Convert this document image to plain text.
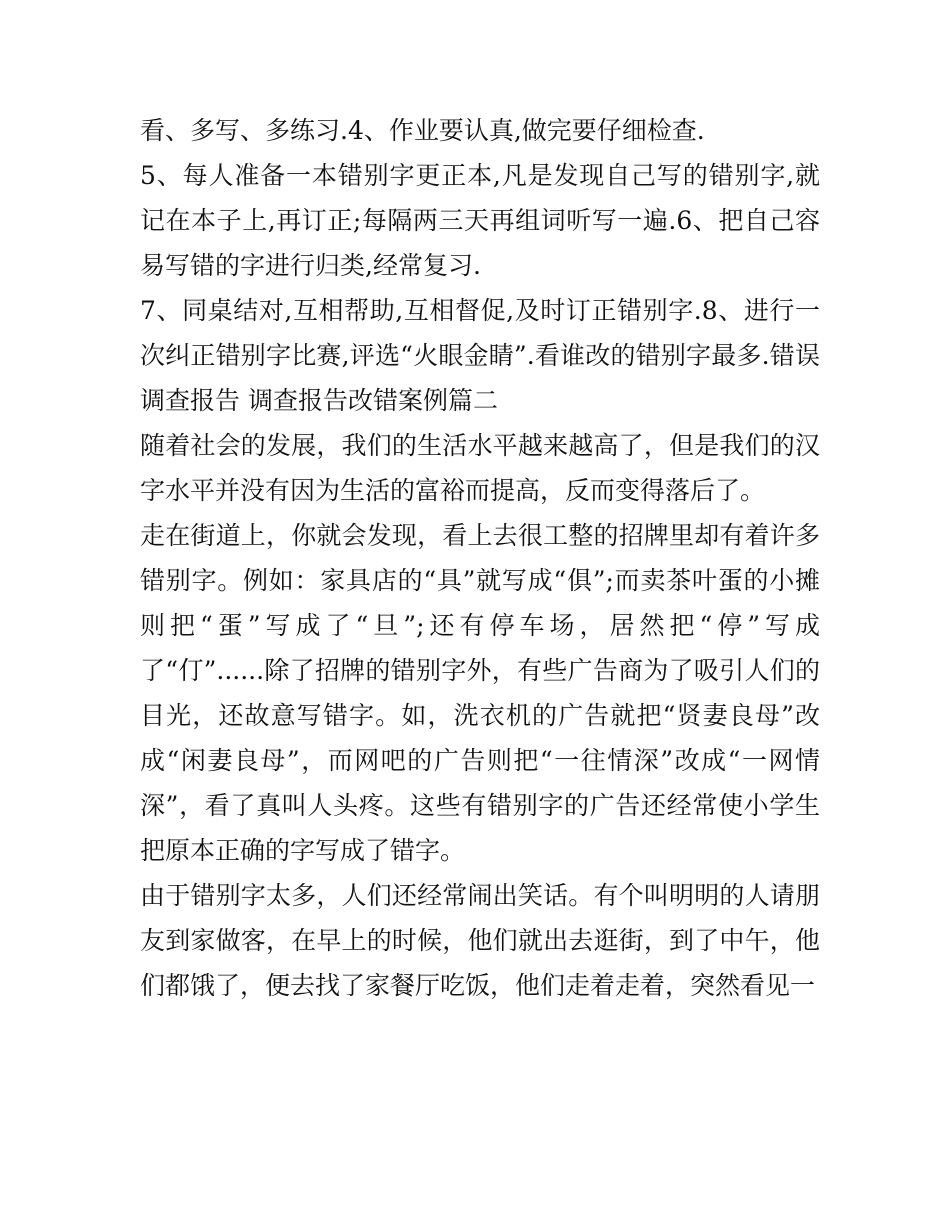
看、多写、多练习.4、作业要认真,做完要仔细检查.

5、每人准备一本错别字更正本,凡是发现自己写的错别字,就记在本子上,再订正;每隔两三天再组词听写一遍.6、把自己容易写错的字进行归类,经常复习.

7、同桌结对,互相帮助,互相督促,及时订正错别字.8、进行一次纠正错别字比赛,评选“火眼金睛”.看谁改的错别字最多.错误调查报告 调查报告改错案例篇二

随着社会的发展，我们的生活水平越来越高了，但是我们的汉字水平并没有因为生活的富裕而提高，反而变得落后了。

走在街道上，你就会发现，看上去很工整的招牌里却有着许多错别字。例如：家具店的“具”就写成“俱”;而卖茶叶蛋的小摊则把“蛋”写成了“旦”;还有停车场，居然把“停”写成了“仃”......除了招牌的错别字外，有些广告商为了吸引人们的目光，还故意写错字。如，洗衣机的广告就把“贤妻良母”改成“闲妻良母”，而网吧的广告则把“一往情深”改成“一网情深”，看了真叫人头疼。这些有错别字的广告还经常使小学生把原本正确的字写成了错字。

由于错别字太多，人们还经常闹出笑话。有个叫明明的人请朋友到家做客，在早上的时候，他们就出去逛街，到了中午，他们都饿了，便去找了家餐厅吃饭，他们走着走着，突然看见一
